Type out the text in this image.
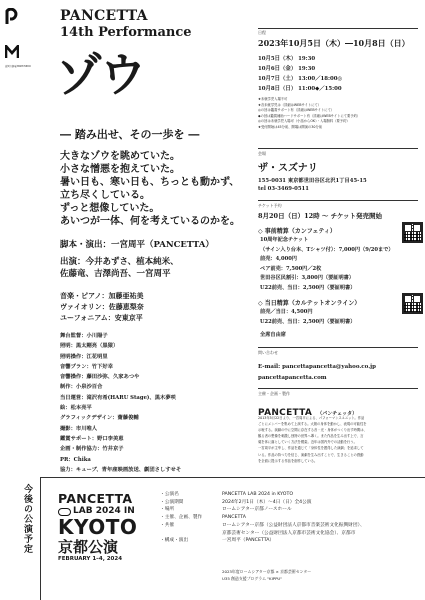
新国立劇場 BOXSTUDIO
PANCETTA
14th Performance
ゾウ
― 踏み出せ、その一歩を ―
大きなゾウを眺めていた。
小さな憎悪を抱えていた。
暑い日も、寒い日も、ちっとも動かず、
立ち尽くしている。
ずっと想像していた。
あいつが一体、何を考えているのかを。
脚本・演出：一宮周平（PANCETTA）
出演：今井あずさ、植本純米、
佐藤竜、吉澤尚吾、一宮周平
音楽・ピアノ：加藤亜祐美
ヴァイオリン：佐藤恵梨奈
ユーフォニアム：安東京平
舞台監督：小川陽子
照明：黒太剛亮（黒猿）
照明操作：江花明里
音響プラン：竹下好幸
音響操作：藤田沙弥、久家あつや
制作：小泉沙百合
当日運営：滝沢有希(HARU Stage)、黒木夢咲
絵：松本亮平
グラフィックデザイン：齋藤俊輔
撮影：市川唯人
鑑賞サポート：野口李美恵
企画・制作協力：竹井京子
PR：Chika
協力：キューブ、青年座映画放送、劇団さしすせそ
日程
2023年10月5日（木）―10月8日（日）
10月5日（木） 19:30
10月6日（金） 19:30
10月7日（土） 13:00／18:00◎
10月8日（日） 11:00◆／15:00
★未就学児入場不可
★各未就学児は（詳細はWEBサイトにて）
◎の回は鑑賞サポート有（詳細はWEBサイトにて）
◆の回は鑑賞補助ハードサポート有（詳細はWEBサイトにて要予約）
◎の回は未就学児入場可（小話からOK）・入場無料（要予約）
★受付開始は45分前、開場は開演の30分前
会場
ザ・スズナリ
155-0031 東京都世田谷区北沢1丁目45-15
tel 03-3469-0511
チケット予約
8月20日（日）12時 〜 チケット発売開始
◇ 事前精算（カンフェティ）
10周年記念チケット
（サイン入り台本、Tシャツ付）：7,000円（9/20まで）
前売：4,000円
ペア前売：7,500円／2枚
世田谷区民割引：3,800円（要証明書）
U22前売、当日：2,500円（要証明書）
◇ 当日精算（カルテットオンライン）
前売／当日：4,500円
U22前売、当日：2,500円（要証明書）
全席自由席
問い合わせ
E-mail: pancettapancetta@yahoo.co.jp
pancettapancetta.com
主催・企画・製作
PANCETTA （パンチェッタ）
2013年5月22日より、一宮周平による、パフォーマンスユニット。作品
ごとにメンバーを集めて上演する。大胆の身体を動かし、表現の可能性を
示唆する。演劇の中に空間に存在する音・光・身体がつくり出す時間は、
観る者の想像を刺激し独特の世界へ導く。また作品を生み出す上で、言
葉を体に落としていく方法を模索。近年は国内外での活動を行う。
一宮周平が主宰し、作品を通じて「身体性を獲得した演劇」を追求して
いる。作品の持つ力を信じ、演劇を生み出すことで、生きることの感動
を全面に提示する作品を創作している。
今後の公演予定 PANCETTA
LAB 2024 IN
KYOTO
京都公演
FEBRUARY 1–4, 2024
・公演名	PANCETTA LAB 2024 in KYOTO
・公演期間	2024年2月1日（木）〜4日（日）全4公演
・場所	ロームシアター京都ノースホール
・主催、企画、製作	PANCETTA
・共催	ロームシアター京都（公益財団法人京都市音楽芸術文化振興財団）、
京都芸術センター（公益財団法人京都市芸術文化協会）、京都市
・構成・演出	一宮周平（PANCETTA）
2023年度ロームシアター京都 × 京都芸術センター
U35 創造支援プログラム "KIPPU"
